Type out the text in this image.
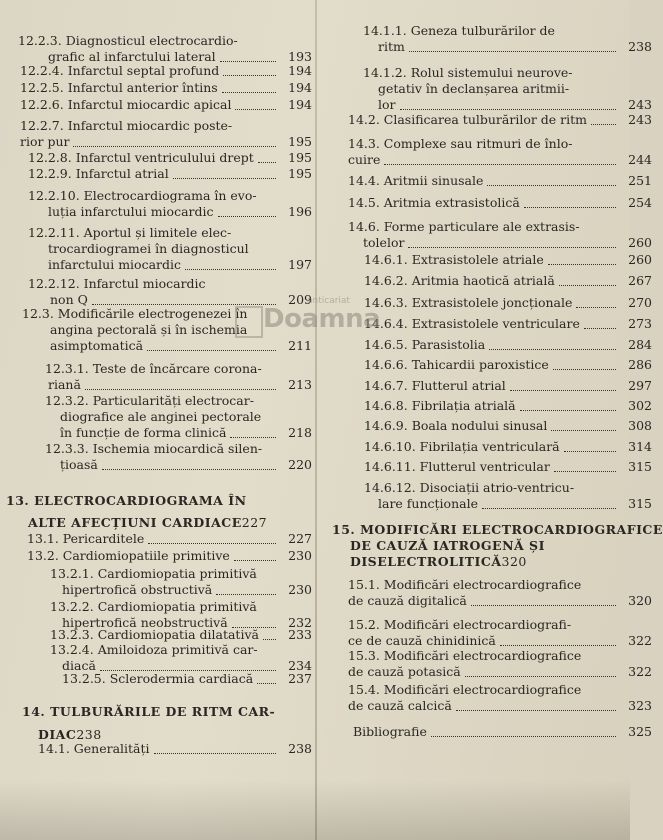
12.2.3. Diagnosticul electrocardio-
grafic al infarctului lateral	193
12.2.4. Infarctul septal profund	194
12.2.5. Infarctul anterior întins	194
12.2.6. Infarctul miocardic apical	194
12.2.7. Infarctul miocardic poste-
rior pur	195
12.2.8. Infarctul ventriculului drept	195
12.2.9. Infarctul atrial	195
12.2.10. Electrocardiograma în evo-
luția infarctului miocardic	196
12.2.11. Aportul și limitele elec-
trocardiogramei în diagnosticul
infarctului miocardic	197
12.2.12. Infarctul miocardic
non Q	209
12.3. Modificările electrogenezei în
angina pectorală și în ischemia
asimptomatică	211
12.3.1. Teste de încărcare corona-
riană	213
12.3.2. Particularități electrocar-
diografice ale anginei pectorale
în funcție de forma clinică	218
12.3.3. Ischemia miocardică silen-
țioasă	220
13. ELECTROCARDIOGRAMA ÎN
ALTE AFECȚIUNI CARDIACE227
13.1. Pericarditele	227
13.2. Cardiomiopatiile primitive	230
13.2.1. Cardiomiopatia primitivă
hipertrofică obstructivă	230
13.2.2. Cardiomiopatia primitivă
hipertrofică neobstructivă	232
13.2.3. Cardiomiopatia dilatativă	233
13.2.4. Amiloidoza primitivă car-
diacă	234
13.2.5. Sclerodermia cardiacă	237
14. TULBURĂRILE DE RITM CAR-
DIAC238
14.1. Generalități	238
14.1.1. Geneza tulburărilor de
ritm	238
14.1.2. Rolul sistemului neurove-
getativ în declanșarea aritmii-
lor	243
14.2. Clasificarea tulburărilor de ritm	243
14.3. Complexe sau ritmuri de înlo-
cuire	244
14.4. Aritmii sinusale	251
14.5. Aritmia extrasistolică	254
14.6. Forme particulare ale extrasis-
tolelor	260
14.6.1. Extrasistolele atriale	260
14.6.2. Aritmia haotică atrială	267
14.6.3. Extrasistolele joncționale	270
14.6.4. Extrasistolele ventriculare	273
14.6.5. Parasistolia	284
14.6.6. Tahicardii paroxistice	286
14.6.7. Flutterul atrial	297
14.6.8. Fibrilația atrială	302
14.6.9. Boala nodului sinusal	308
14.6.10. Fibrilația ventriculară	314
14.6.11. Flutterul ventricular	315
14.6.12. Disociații atrio-ventricu-
lare funcționale	315
15. MODIFICĂRI ELECTROCARDIOGRAFICE
DE CAUZĂ IATROGENĂ ȘI
DISELECTROLITICĂ320
15.1. Modificări electrocardiografice
de cauză digitalică	320
15.2. Modificări electrocardiografi-
ce de cauză chinidinică	322
15.3. Modificări electrocardiografice
de cauză potasică	322
15.4. Modificări electrocardiografice
de cauză calcică	323
Bibliografie	325
Doamna
anticariat
